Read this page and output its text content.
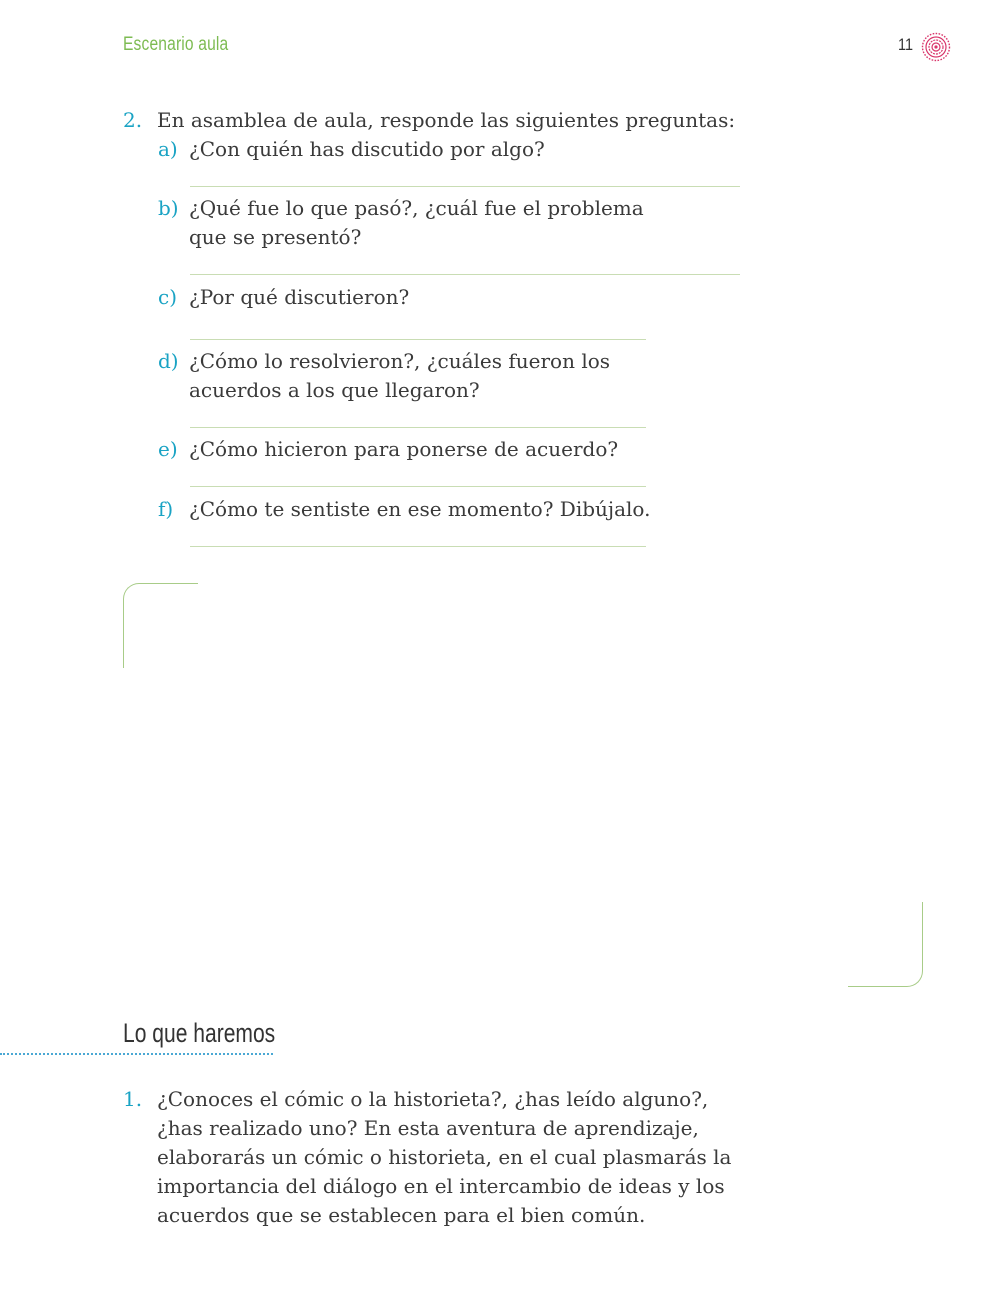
Escenario aula	11
2. En asamblea de aula, responde las siguientes preguntas:
a) ¿Con quién has discutido por algo?
b) ¿Qué fue lo que pasó?, ¿cuál fue el problema que se presentó?
c) ¿Por qué discutieron?
d) ¿Cómo lo resolvieron?, ¿cuáles fueron los acuerdos a los que llegaron?
e) ¿Cómo hicieron para ponerse de acuerdo?
f) ¿Cómo te sentiste en ese momento? Dibújalo.
Lo que haremos
1. ¿Conoces el cómic o la historieta?, ¿has leído alguno?, ¿has realizado uno? En esta aventura de aprendizaje, elaborarás un cómic o historieta, en el cual plasmarás la importancia del diálogo en el intercambio de ideas y los acuerdos que se establecen para el bien común.
